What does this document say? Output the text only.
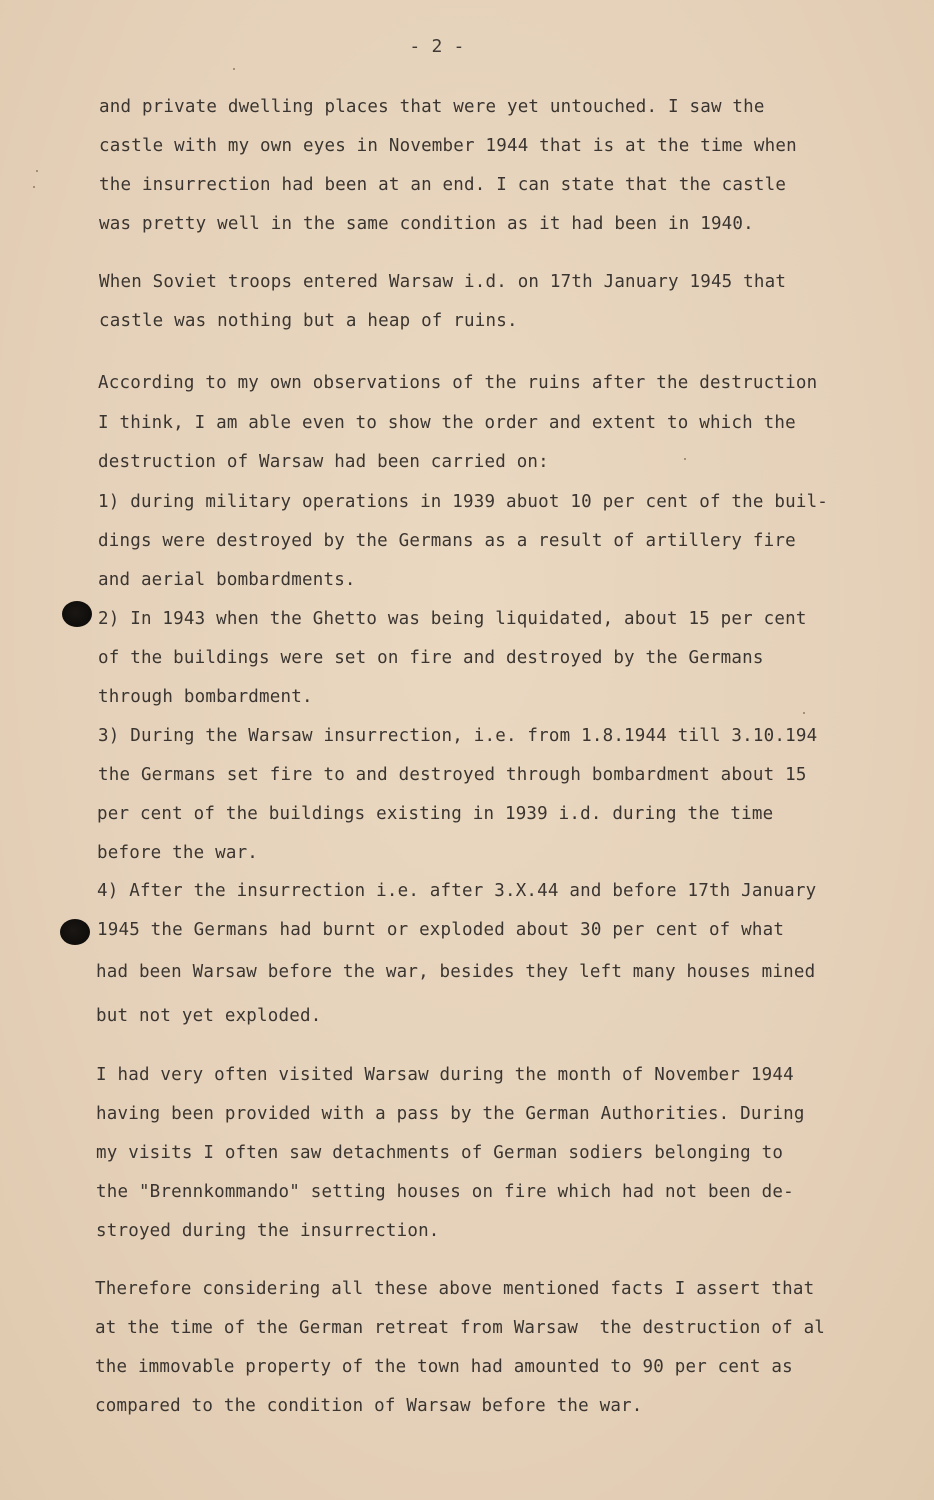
- 2 -
and private dwelling places that were yet untouched. I saw the
castle with my own eyes in November 1944 that is at the time when
the insurrection had been at an end. I can state that the castle
was pretty well in the same condition as it had been in 1940.
When Soviet troops entered Warsaw i.d. on 17th January 1945 that
castle was nothing but a heap of ruins.
According to my own observations of the ruins after the destruction
I think, I am able even to show the order and extent to which the
destruction of Warsaw had been carried on:
1) during military operations in 1939 abuot 10 per cent of the buil-
dings were destroyed by the Germans as a result of artillery fire
and aerial bombardments.
2) In 1943 when the Ghetto was being liquidated, about 15 per cent
of the buildings were set on fire and destroyed by the Germans
through bombardment.
3) During the Warsaw insurrection, i.e. from 1.8.1944 till 3.10.194
the Germans set fire to and destroyed through bombardment about 15
per cent of the buildings existing in 1939 i.d. during the time
before the war.
4) After the insurrection i.e. after 3.X.44 and before 17th January
1945 the Germans had burnt or exploded about 30 per cent of what
had been Warsaw before the war, besides they left many houses mined
but not yet exploded.
I had very often visited Warsaw during the month of November 1944
having been provided with a pass by the German Authorities. During
my visits I often saw detachments of German sodiers belonging to
the "Brennkommando" setting houses on fire which had not been de-
stroyed during the insurrection.
Therefore considering all these above mentioned facts I assert that
at the time of the German retreat from Warsaw  the destruction of al
the immovable property of the town had amounted to 90 per cent as
compared to the condition of Warsaw before the war.
